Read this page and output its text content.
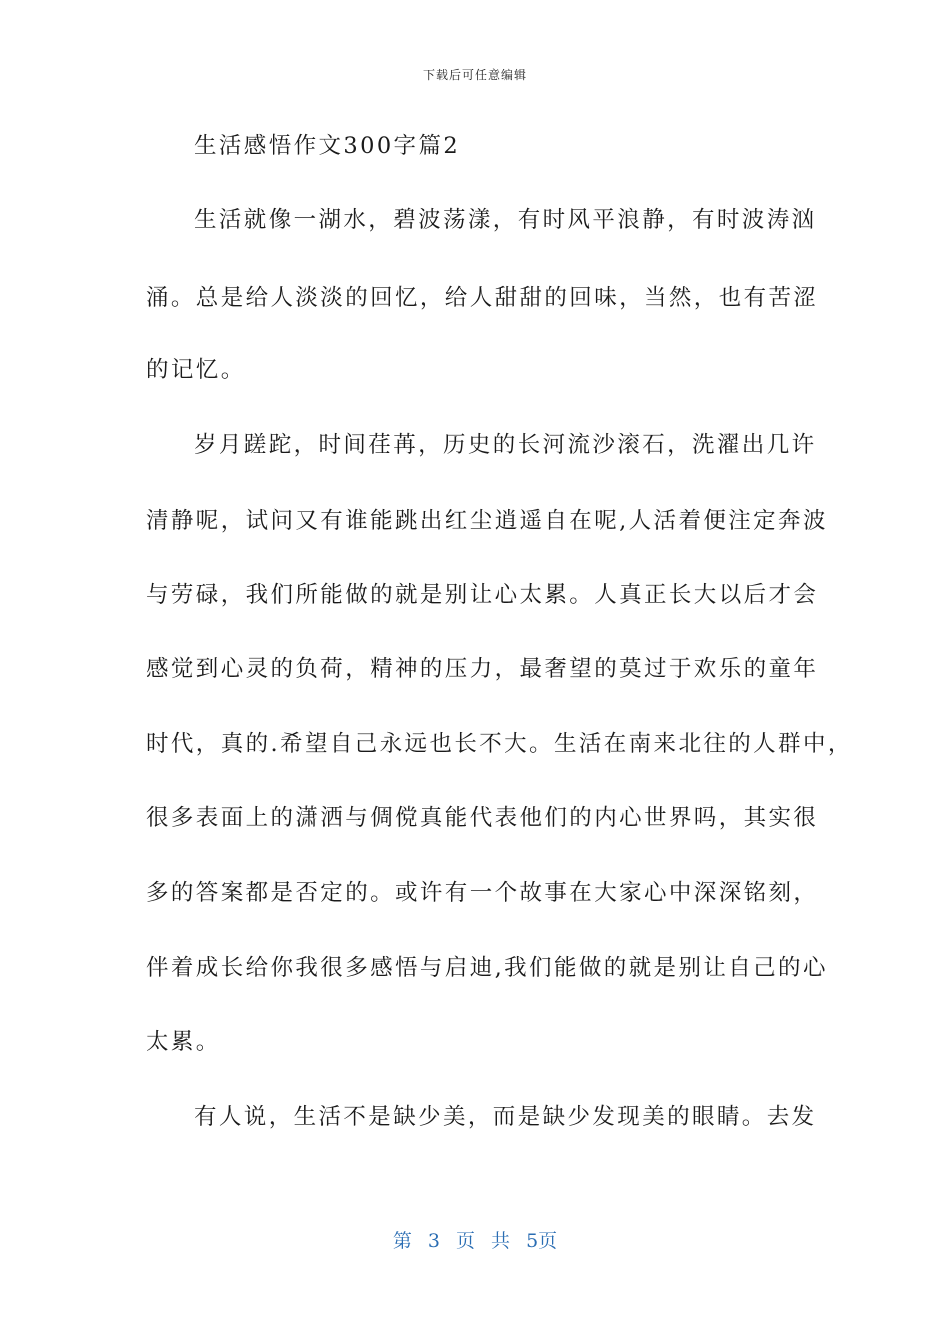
下载后可任意编辑
生活感悟作文300字篇2
生活就像一湖水，碧波荡漾，有时风平浪静，有时波涛汹
涌。总是给人淡淡的回忆，给人甜甜的回味，当然，也有苦涩
的记忆。
岁月蹉跎，时间荏苒，历史的长河流沙滚石，洗濯出几许
清静呢，试问又有谁能跳出红尘逍遥自在呢,人活着便注定奔波
与劳碌，我们所能做的就是别让心太累。人真正长大以后才会
感觉到心灵的负荷，精神的压力，最奢望的莫过于欢乐的童年
时代，真的.希望自己永远也长不大。生活在南来北往的人群中，
很多表面上的潇洒与倜傥真能代表他们的内心世界吗，其实很
多的答案都是否定的。或许有一个故事在大家心中深深铭刻，
伴着成长给你我很多感悟与启迪,我们能做的就是别让自己的心
太累。
有人说，生活不是缺少美，而是缺少发现美的眼睛。去发
第 3 页 共 5页
